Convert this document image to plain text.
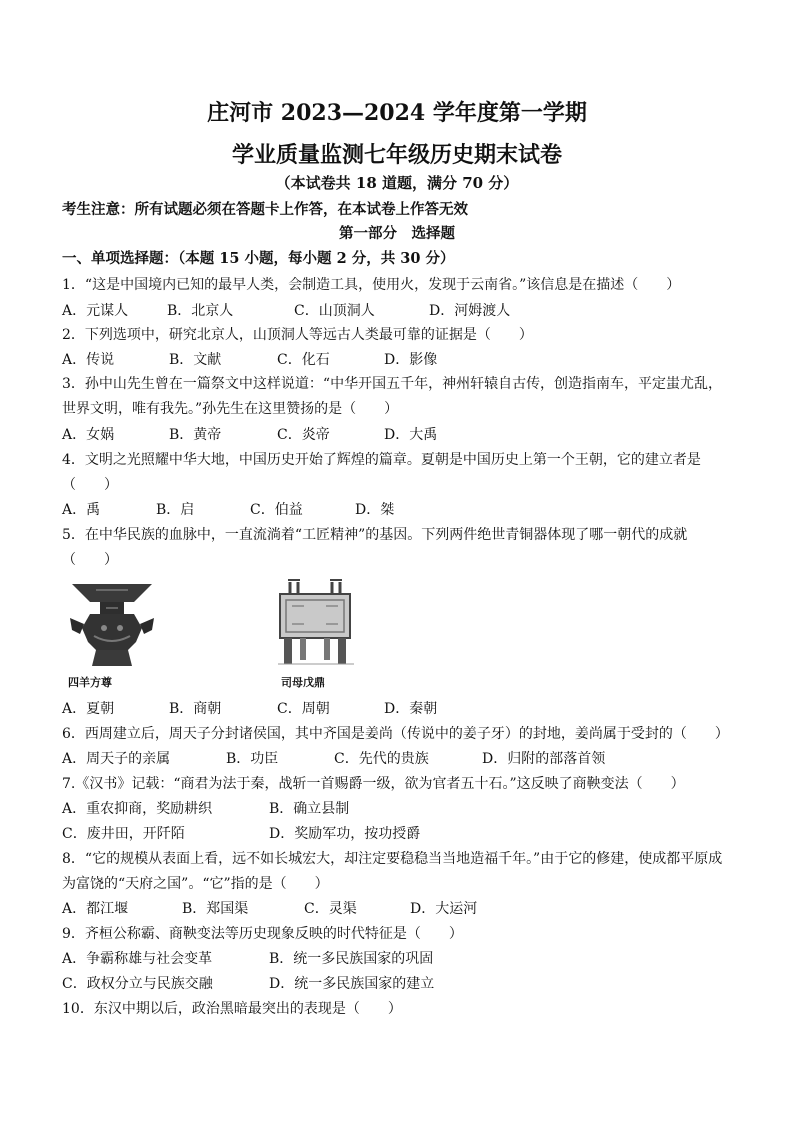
庄河市 2023—2024 学年度第一学期
学业质量监测七年级历史期末试卷
（本试卷共 18 道题，满分 70 分）
考生注意：所有试题必须在答题卡上作答，在本试卷上作答无效
第一部分　选择题
一、单项选择题：（本题 15 小题，每小题 2 分，共 30 分）
1．“这是中国境内已知的最早人类，会制造工具，使用火，发现于云南省。”该信息是在描述（　　）
A．元谋人	B．北京人	C．山顶洞人	D．河姆渡人
2．下列选项中，研究北京人，山顶洞人等远古人类最可靠的证据是（　　）
A．传说	B．文献	C．化石	D．影像
3．孙中山先生曾在一篇祭文中这样说道：“中华开国五千年，神州轩辕自古传，创造指南车，平定蚩尤乱，
世界文明，唯有我先。”孙先生在这里赞扬的是（　　）
A．女娲	B．黄帝	C．炎帝	D．大禹
4．文明之光照耀中华大地，中国历史开始了辉煌的篇章。夏朝是中国历史上第一个王朝，它的建立者是
（　　）
A．禹	B．启	C．伯益	D．桀
5．在中华民族的血脉中，一直流淌着“工匠精神”的基因。下列两件绝世青铜器体现了哪一朝代的成就
（　　）
四羊方尊	司母戊鼎
A．夏朝	B．商朝	C．周朝	D．秦朝
6．西周建立后，周天子分封诸侯国，其中齐国是姜尚（传说中的姜子牙）的封地，姜尚属于受封的（　　）
A．周天子的亲属	B．功臣	C．先代的贵族	D．归附的部落首领
7.《汉书》记载：“商君为法于秦，战斩一首赐爵一级，欲为官者五十石。”这反映了商鞅变法（　　）
A．重农抑商，奖励耕织	B．确立县制
C．废井田，开阡陌	D．奖励军功，按功授爵
8．“它的规模从表面上看，远不如长城宏大，却注定要稳稳当当地造福千年。”由于它的修建，使成都平原成
为富饶的“天府之国”。“它”指的是（　　）
A．都江堰	B．郑国渠	C．灵渠	D．大运河
9．齐桓公称霸、商鞅变法等历史现象反映的时代特征是（　　）
A．争霸称雄与社会变革	B．统一多民族国家的巩固
C．政权分立与民族交融	D．统一多民族国家的建立
10．东汉中期以后，政治黑暗最突出的表现是（　　）
